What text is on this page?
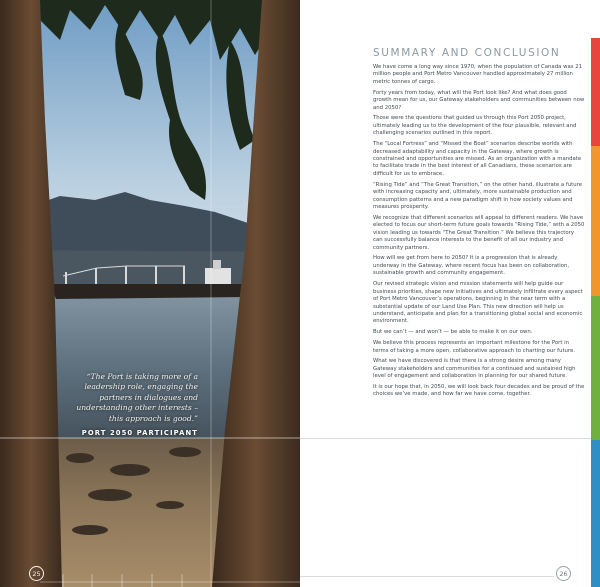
“The Port is taking more of a leadership role, engaging the partners in dialogues and understanding other interests – this approach is good.”
PORT 2050 PARTICIPANT
25
SUMMARY AND CONCLUSION

We have come a long way since 1970, when the population of Canada was 21 million people and Port Metro Vancouver handled approximately 27 million metric tonnes of cargo.

Forty years from today, what will the Port look like? And what does good growth mean for us, our Gateway stakeholders and communities between now and 2050?

Those were the questions that guided us through this Port 2050 project, ultimately leading us to the development of the four plausible, relevant and challenging scenarios outlined in this report.

The “Local Fortress” and “Missed the Boat” scenarios describe worlds with decreased adaptability and capacity in the Gateway, where growth is constrained and opportunities are missed. As an organization with a mandate to facilitate trade in the best interest of all Canadians, these scenarios are difficult for us to embrace.

“Rising Tide” and “The Great Transition,” on the other hand, illustrate a future with increasing capacity and, ultimately, more sustainable production and consumption patterns and a new paradigm shift in how society values and measures prosperity.

We recognize that different scenarios will appeal to different readers. We have elected to focus our short-term future goals towards “Rising Tide,” with a 2050 vision leading us towards “The Great Transition.” We believe this trajectory can successfully balance interests to the benefit of all our industry and community partners.

How will we get from here to 2050? It is a progression that is already underway in the Gateway, where recent focus has been on collaboration, sustainable growth and community engagement.

Our revised strategic vision and mission statements will help guide our business priorities, shape new initiatives and ultimately infiltrate every aspect of Port Metro Vancouver’s operations, beginning in the near term with a substantial update of our Land Use Plan. This new direction will help us understand, anticipate and plan for a transitioning global social and economic environment.

But we can’t — and won’t — be able to make it on our own.

We believe this process represents an important milestone for the Port in terms of taking a more open, collaborative approach to charting our future.

What we have discovered is that there is a strong desire among many Gateway stakeholders and communities for a continued and sustained high level of engagement and collaboration in planning for our shared future.

It is our hope that, in 2050, we will look back four decades and be proud of the choices we’ve made, and how far we have come, together.

26
